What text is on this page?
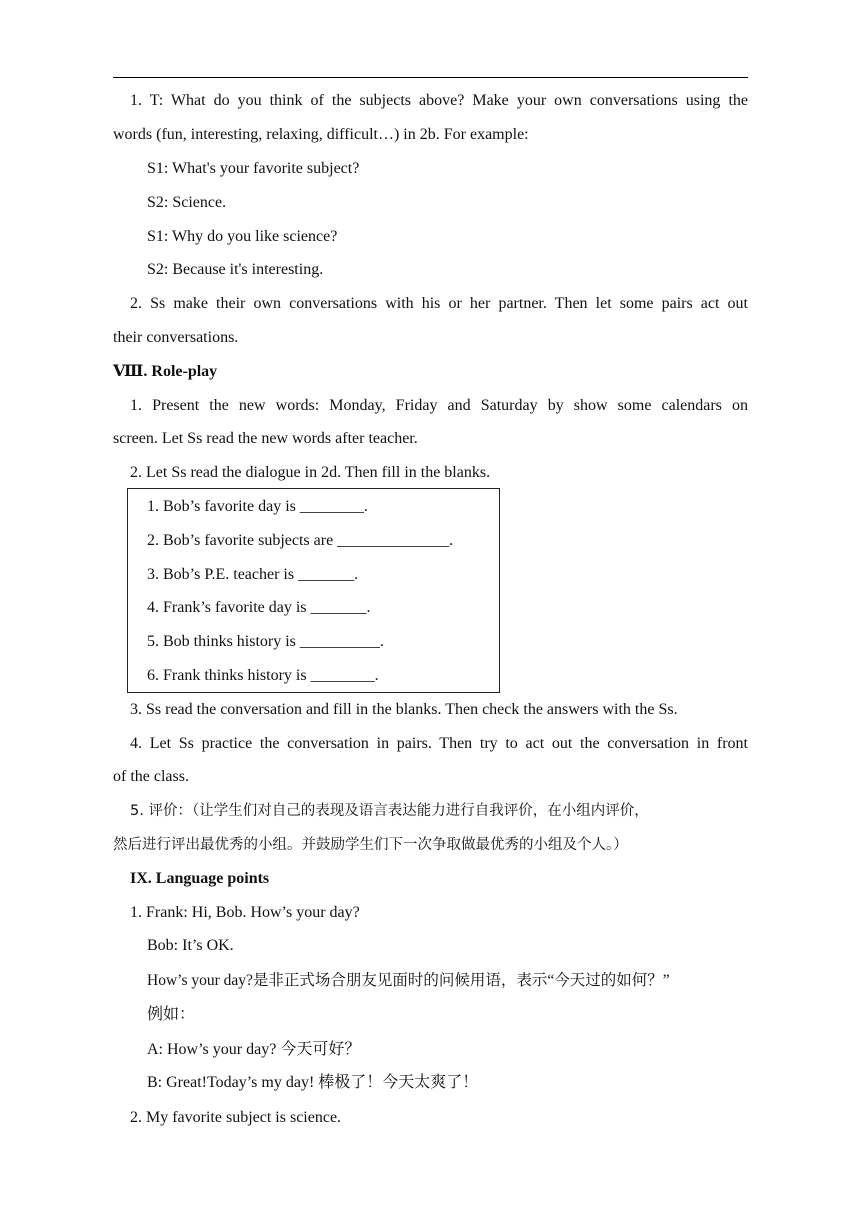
1. T: What do you think of the subjects above? Make your own conversations using the
words (fun, interesting, relaxing, difficult…) in 2b. For example:
S1: What's your favorite subject?
S2: Science.
S1: Why do you like science?
S2: Because it's interesting.
2. Ss make their own conversations with his or her partner. Then let some pairs act out
their conversations.
Ⅷ. Role-play
1. Present the new words: Monday, Friday and Saturday by show some calendars on
screen. Let Ss read the new words after teacher.
2. Let Ss read the dialogue in 2d. Then fill in the blanks.
1. Bob’s favorite day is ________.
2. Bob’s favorite subjects are ______________.
3. Bob’s P.E. teacher is _______.
4. Frank’s favorite day is _______.
5. Bob thinks history is __________.
6. Frank thinks history is ________.
3. Ss read the conversation and fill in the blanks. Then check the answers with the Ss.
4. Let Ss practice the conversation in pairs. Then try to act out the conversation in front
of the class.
5. 评价：（让学生们对自己的表现及语言表达能力进行自我评价，在小组内评价，
然后进行评出最优秀的小组。并鼓励学生们下一次争取做最优秀的小组及个人。）
IX. Language points
1. Frank: Hi, Bob. How’s your day?
Bob: It’s OK.
How’s your day?是非正式场合朋友见面时的问候用语，表示“今天过的如何？”
例如：
A: How’s your day? 今天可好？
B: Great!Today’s my day! 棒极了！今天太爽了！
2. My favorite subject is science.
